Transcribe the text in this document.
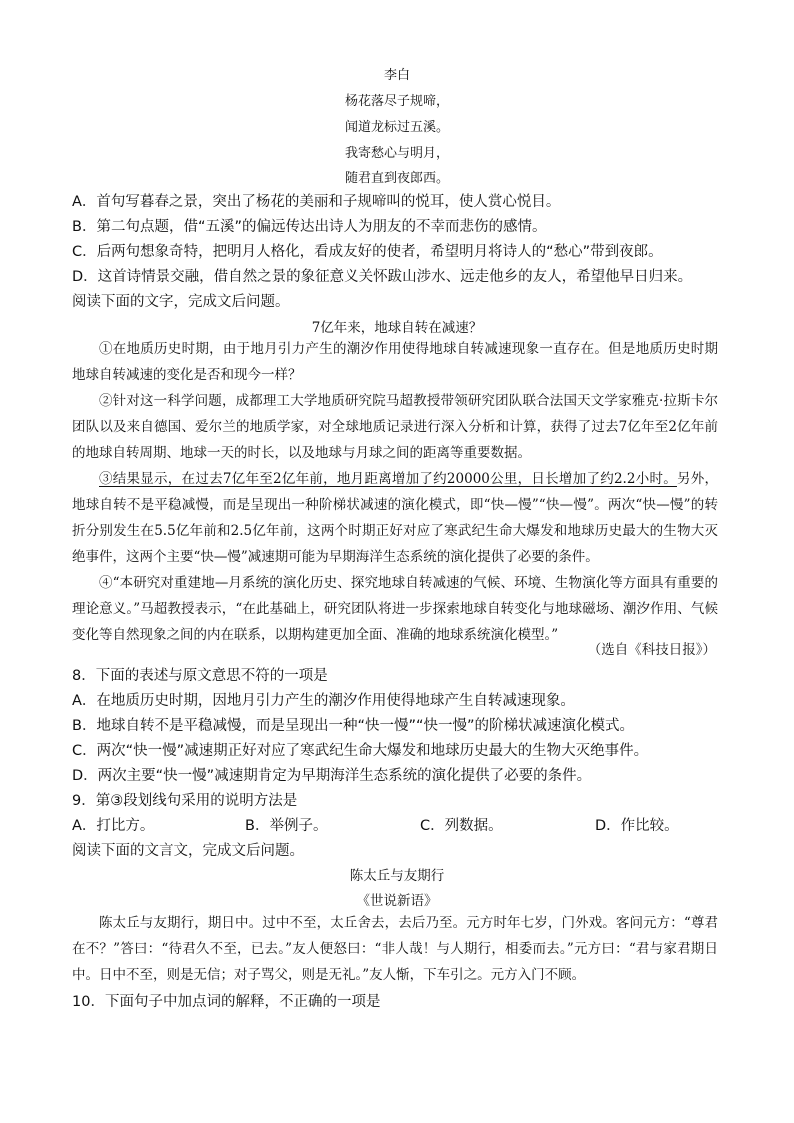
李白
杨花落尽子规啼，
闻道龙标过五溪。
我寄愁心与明月，
随君直到夜郎西。
A．首句写暮春之景，突出了杨花的美丽和子规啼叫的悦耳，使人赏心悦目。
B．第二句点题，借“五溪”的偏远传达出诗人为朋友的不幸而悲伤的感情。
C．后两句想象奇特，把明月人格化，看成友好的使者，希望明月将诗人的“愁心”带到夜郎。
D．这首诗情景交融，借自然之景的象征意义关怀跋山涉水、远走他乡的友人，希望他早日归来。
阅读下面的文字，完成文后问题。
7亿年来，地球自转在减速？

①在地质历史时期，由于地月引力产生的潮汐作用使得地球自转减速现象一直存在。但是地质历史时期地球自转减速的变化是否和现今一样？

②针对这一科学问题，成都理工大学地质研究院马超教授带领研究团队联合法国天文学家雅克·拉斯卡尔团队以及来自德国、爱尔兰的地质学家，对全球地质记录进行深入分析和计算，获得了过去7亿年至2亿年前的地球自转周期、地球一天的时长，以及地球与月球之间的距离等重要数据。

③结果显示，在过去7亿年至2亿年前，地月距离增加了约20000公里，日长增加了约2.2小时。另外，地球自转不是平稳减慢，而是呈现出一种阶梯状减速的演化模式，即“快—慢”“快—慢”。两次“快—慢”的转折分别发生在5.5亿年前和2.5亿年前，这两个时期正好对应了寒武纪生命大爆发和地球历史最大的生物大灭绝事件，这两个主要“快—慢”减速期可能为早期海洋生态系统的演化提供了必要的条件。

④“本研究对重建地—月系统的演化历史、探究地球自转减速的气候、环境、生物演化等方面具有重要的理论意义。”马超教授表示，“在此基础上，研究团队将进一步探索地球自转变化与地球磁场、潮汐作用、气候变化等自然现象之间的内在联系，以期构建更加全面、准确的地球系统演化模型。”

（选自《科技日报》）
8．下面的表述与原文意思不符的一项是
A．在地质历史时期，因地月引力产生的潮汐作用使得地球产生自转减速现象。
B．地球自转不是平稳减慢，而是呈现出一种“快一慢”“快一慢”的阶梯状减速演化模式。
C．两次“快一慢”减速期正好对应了寒武纪生命大爆发和地球历史最大的生物大灭绝事件。
D．两次主要“快一慢”减速期肯定为早期海洋生态系统的演化提供了必要的条件。
9．第③段划线句采用的说明方法是
A．打比方。	B．举例子。	C．列数据。	D．作比较。
阅读下面的文言文，完成文后问题。
陈太丘与友期行
《世说新语》

陈太丘与友期行，期日中。过中不至，太丘舍去，去后乃至。元方时年七岁，门外戏。客问元方：“尊君在不？”答曰：“待君久不至，已去。”友人便怒曰：“非人哉！与人期行，相委而去。”元方曰：“君与家君期日中。日中不至，则是无信；对子骂父，则是无礼。”友人惭，下车引之。元方入门不顾。

10．下面句子中加点词的解释，不正确的一项是
